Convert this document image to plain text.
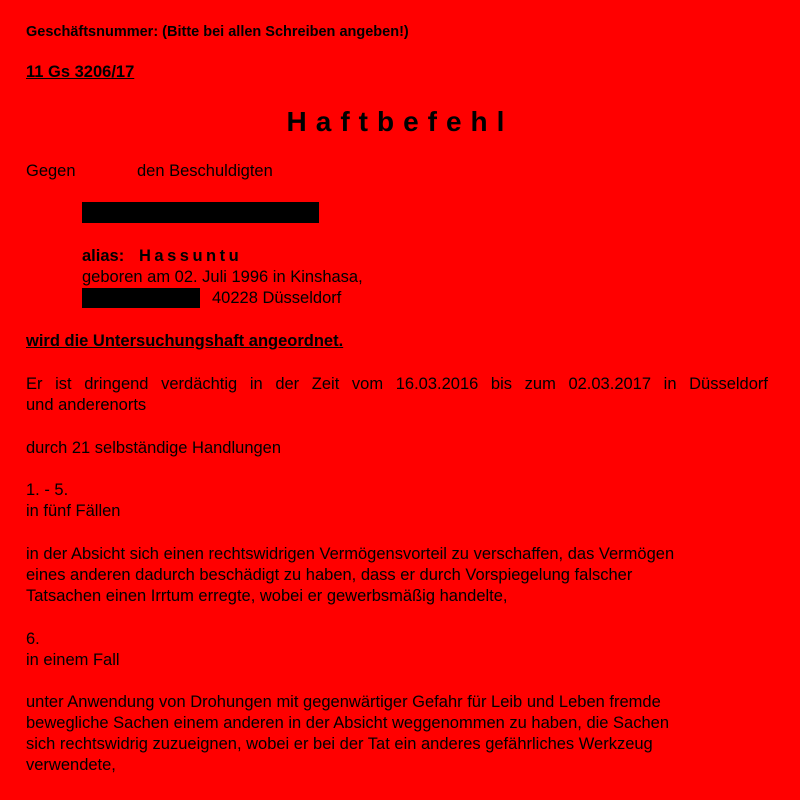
Geschäftsnummer: (Bitte bei allen Schreiben angeben!)
11 Gs 3206/17
Haftbefehl
Gegen	den Beschuldigten
alias: Hassuntu
geboren am 02. Juli 1996 in Kinshasa,
40228 Düsseldorf
wird die Untersuchungshaft angeordnet.
Er ist dringend verdächtig in der Zeit vom 16.03.2016 bis zum 02.03.2017 in Düsseldorf
und anderenorts
durch 21 selbständige Handlungen
1. - 5.
in fünf Fällen
in der Absicht sich einen rechtswidrigen Vermögensvorteil zu verschaffen, das Vermögen
eines anderen dadurch beschädigt zu haben, dass er durch Vorspiegelung falscher
Tatsachen einen Irrtum erregte, wobei er gewerbsmäßig handelte,
6.
in einem Fall
unter Anwendung von Drohungen mit gegenwärtiger Gefahr für Leib und Leben fremde
bewegliche Sachen einem anderen in der Absicht weggenommen zu haben, die Sachen
sich rechtswidrig zuzueignen, wobei er bei der Tat ein anderes gefährliches Werkzeug
verwendete,
